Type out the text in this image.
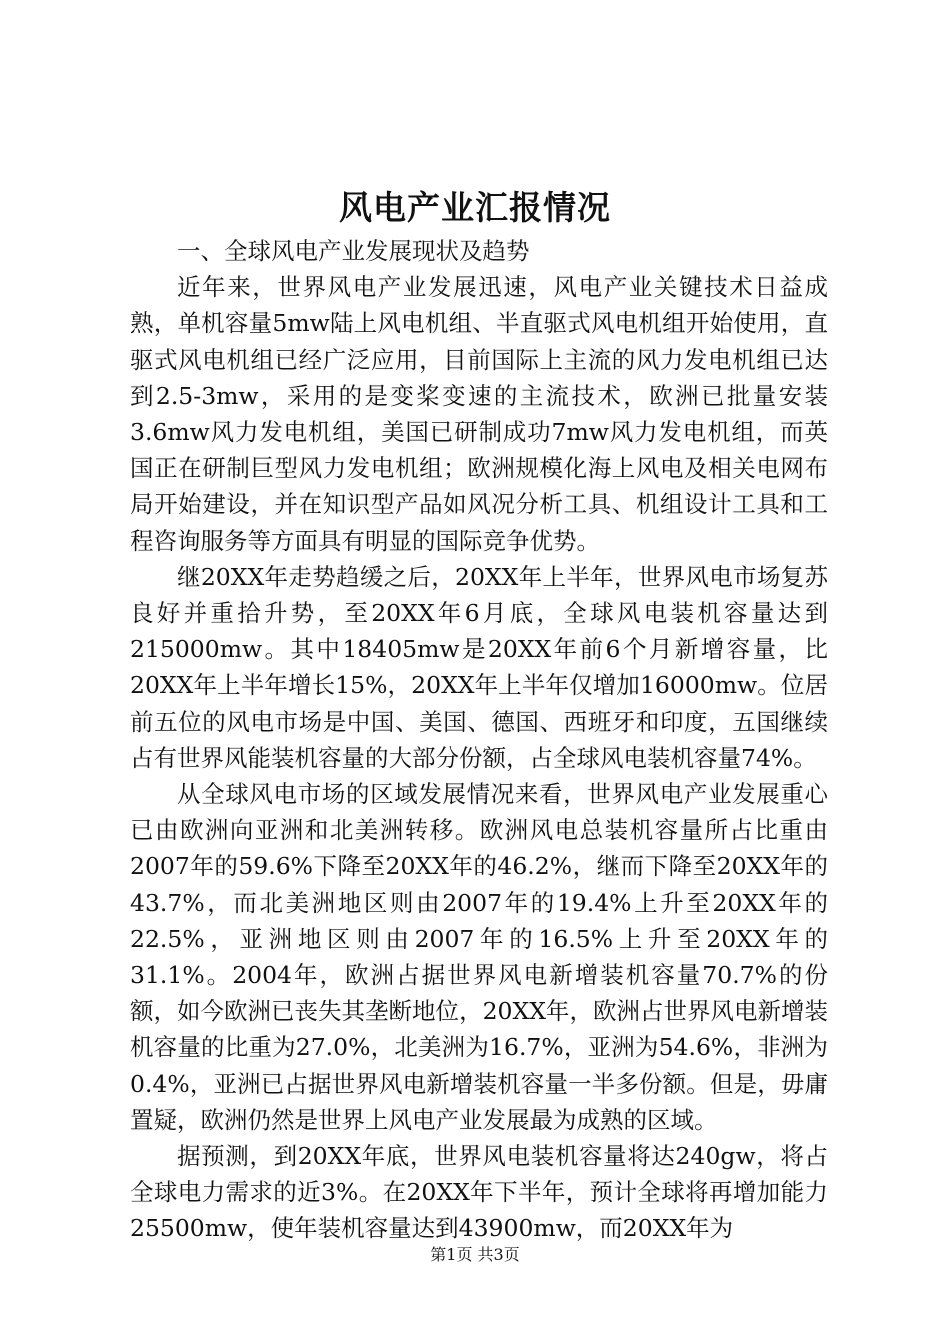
风电产业汇报情况

一、全球风电产业发展现状及趋势

近年来，世界风电产业发展迅速，风电产业关键技术日益成熟，单机容量5mw陆上风电机组、半直驱式风电机组开始使用，直驱式风电机组已经广泛应用，目前国际上主流的风力发电机组已达到2.5-3mw，采用的是变桨变速的主流技术，欧洲已批量安装3.6mw风力发电机组，美国已研制成功7mw风力发电机组，而英国正在研制巨型风力发电机组；欧洲规模化海上风电及相关电网布局开始建设，并在知识型产品如风况分析工具、机组设计工具和工程咨询服务等方面具有明显的国际竞争优势。

继20XX年走势趋缓之后，20XX年上半年，世界风电市场复苏良好并重拾升势，至20XX年6月底，全球风电装机容量达到215000mw。其中18405mw是20XX年前6个月新增容量，比20XX年上半年增长15%，20XX年上半年仅增加16000mw。位居前五位的风电市场是中国、美国、德国、西班牙和印度，五国继续占有世界风能装机容量的大部分份额，占全球风电装机容量74%。

从全球风电市场的区域发展情况来看，世界风电产业发展重心已由欧洲向亚洲和北美洲转移。欧洲风电总装机容量所占比重由2007年的59.6%下降至20XX年的46.2%，继而下降至20XX年的43.7%，而北美洲地区则由2007年的19.4%上升至20XX年的22.5%，亚洲地区则由2007年的16.5%上升至20XX年的31.1%。2004年，欧洲占据世界风电新增装机容量70.7%的份额，如今欧洲已丧失其垄断地位，20XX年，欧洲占世界风电新增装机容量的比重为27.0%，北美洲为16.7%，亚洲为54.6%，非洲为0.4%，亚洲已占据世界风电新增装机容量一半多份额。但是，毋庸置疑，欧洲仍然是世界上风电产业发展最为成熟的区域。

据预测，到20XX年底，世界风电装机容量将达240gw，将占全球电力需求的近3%。在20XX年下半年，预计全球将再增加能力25500mw，使年装机容量达到43900mw，而20XX年为

第1页 共3页
